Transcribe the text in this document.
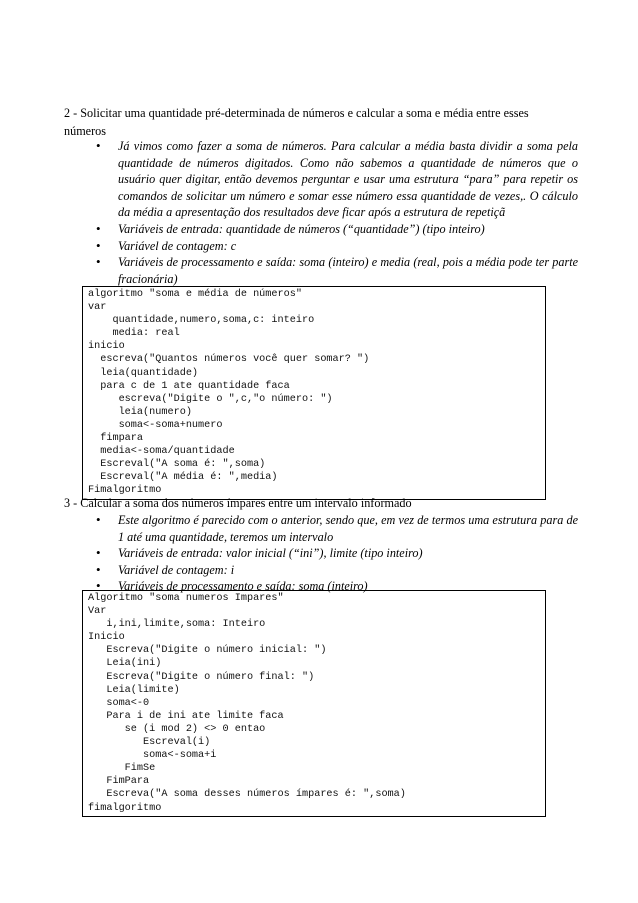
2 - Solicitar uma quantidade pré-determinada de números e calcular a soma e média entre esses
números

• Já vimos como fazer a soma de números. Para calcular a média basta dividir a soma pela quantidade de números digitados. Como não sabemos a quantidade de números que o usuário quer digitar, então devemos perguntar e usar uma estrutura “para” para repetir os comandos de solicitar um número e somar esse número essa quantidade de vezes,. O cálculo da média a apresentação dos resultados deve ficar após a estrutura de repetiçã
• Variáveis de entrada: quantidade de números (“quantidade”) (tipo inteiro)
• Variável de contagem: c
• Variáveis de processamento e saída: soma (inteiro) e media (real, pois a média pode ter parte fracionária)
algoritmo "soma e média de números"
var
quantidade,numero,soma,c: inteiro
media: real
inicio
escreva("Quantos números você quer somar? ")
leia(quantidade)
para c de 1 ate quantidade faca
escreva("Digite o ",c,"o número: ")
leia(numero)
soma<-soma+numero
fimpara
media<-soma/quantidade
Escreval("A soma é: ",soma)
Escreval("A média é: ",media)
Fimalgoritmo

3 - Calcular a soma dos números ímpares entre um intervalo informado

• Este algoritmo é parecido com o anterior, sendo que, em vez de termos uma estrutura para de 1 até uma quantidade, teremos um intervalo
• Variáveis de entrada: valor inicial (“ini”), limite (tipo inteiro)
• Variável de contagem: i
• Variáveis de processamento e saída: soma (inteiro)
Algoritmo "soma numeros Impares"
Var
i,ini,limite,soma: Inteiro
Inicio
Escreva("Digite o número inicial: ")
Leia(ini)
Escreva("Digite o número final: ")
Leia(limite)
soma<-0
Para i de ini ate limite faca
se (i mod 2) <> 0 entao
Escreval(i)
soma<-soma+i
FimSe
FimPara
Escreva("A soma desses números ímpares é: ",soma)
fimalgoritmo
